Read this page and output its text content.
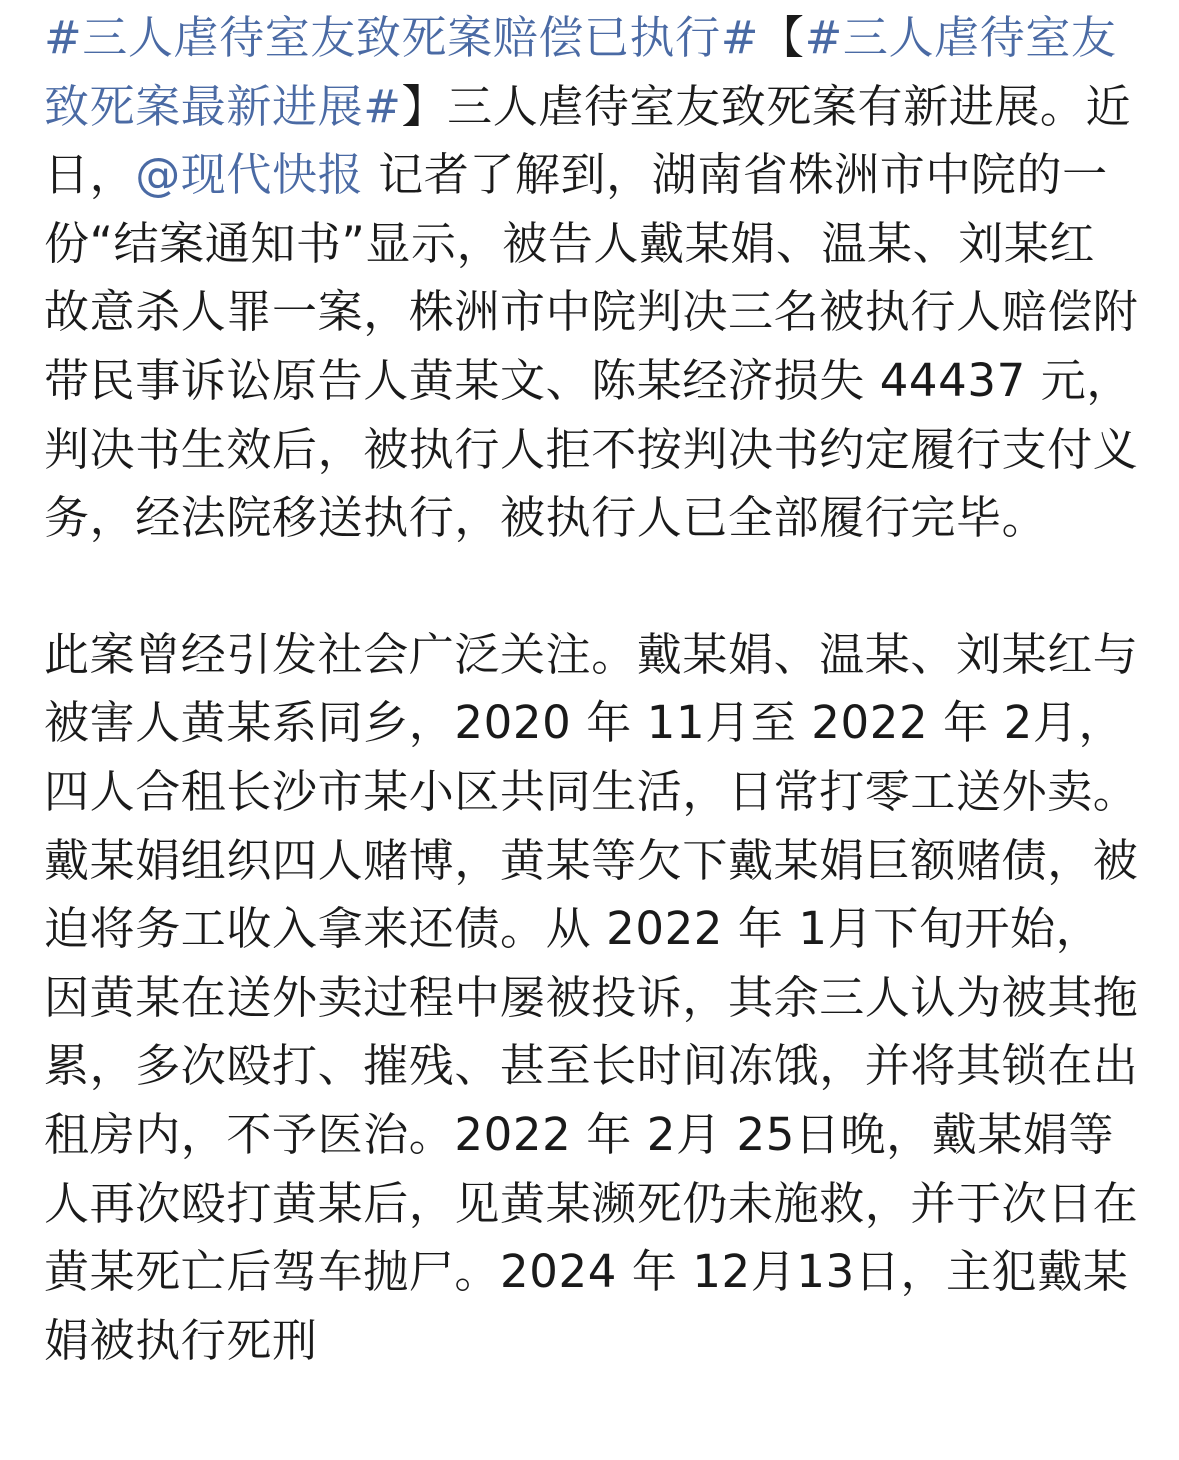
#三人虐待室友致死案赔偿已执行#【#三人虐待室友致死案最新进展#】三人虐待室友致死案有新进展。近日，@现代快报 记者了解到，湖南省株洲市中院的一份“结案通知书”显示，被告人戴某娟、温某、刘某红故意杀人罪一案，株洲市中院判决三名被执行人赔偿附带民事诉讼原告人黄某文、陈某经济损失 44437 元，判决书生效后，被执行人拒不按判决书约定履行支付义务，经法院移送执行，被执行人已全部履行完毕。

此案曾经引发社会广泛关注。戴某娟、温某、刘某红与被害人黄某系同乡，2020 年 11月至 2022 年 2月，四人合租长沙市某小区共同生活，日常打零工送外卖。戴某娟组织四人赌博，黄某等欠下戴某娟巨额赌债，被迫将务工收入拿来还债。从 2022 年 1月下旬开始，因黄某在送外卖过程中屡被投诉，其余三人认为被其拖累，多次殴打、摧残、甚至长时间冻饿，并将其锁在出租房内，不予医治。2022 年 2月 25日晚，戴某娟等人再次殴打黄某后，见黄某濒死仍未施救，并于次日在黄某死亡后驾车抛尸。2024 年 12月13日，主犯戴某娟被执行死刑
